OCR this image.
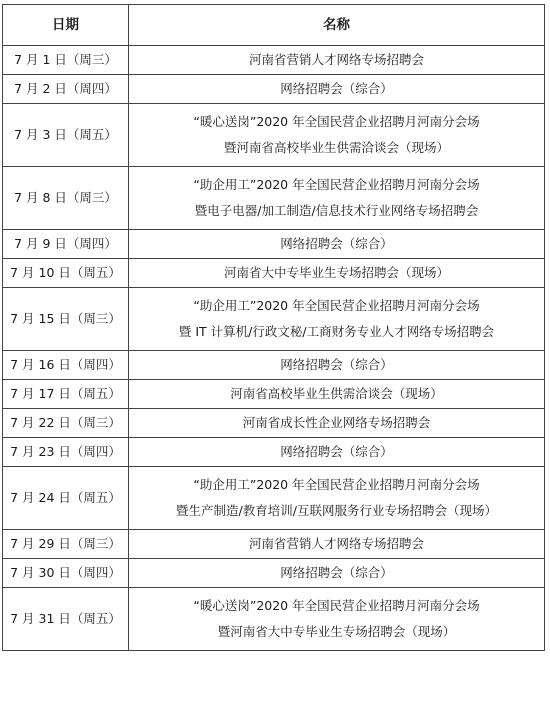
日期	名称
7 月 1 日（周三）	河南省营销人才网络专场招聘会

7 月 2 日（周四）	网络招聘会（综合）

7 月 3 日（周五）	“暖心送岗”2020 年全国民营企业招聘月河南分会场
暨河南省高校毕业生供需洽谈会（现场）

7 月 8 日（周三）	“助企用工”2020 年全国民营企业招聘月河南分会场
暨电子电器/加工制造/信息技术行业网络专场招聘会

7 月 9 日（周四）	网络招聘会（综合）

7 月 10 日（周五）	河南省大中专毕业生专场招聘会（现场）

7 月 15 日（周三）	“助企用工”2020 年全国民营企业招聘月河南分会场
暨 IT 计算机/行政文秘/工商财务专业人才网络专场招聘会

7 月 16 日（周四）	网络招聘会（综合）

7 月 17 日（周五）	河南省高校毕业生供需洽谈会（现场）

7 月 22 日（周三）	河南省成长性企业网络专场招聘会

7 月 23 日（周四）	网络招聘会（综合）

7 月 24 日（周五）	“助企用工”2020 年全国民营企业招聘月河南分会场
暨生产制造/教育培训/互联网服务行业专场招聘会（现场）

7 月 29 日（周三）	河南省营销人才网络专场招聘会

7 月 30 日（周四）	网络招聘会（综合）

7 月 31 日（周五）	“暖心送岗”2020 年全国民营企业招聘月河南分会场
暨河南省大中专毕业生专场招聘会（现场）
